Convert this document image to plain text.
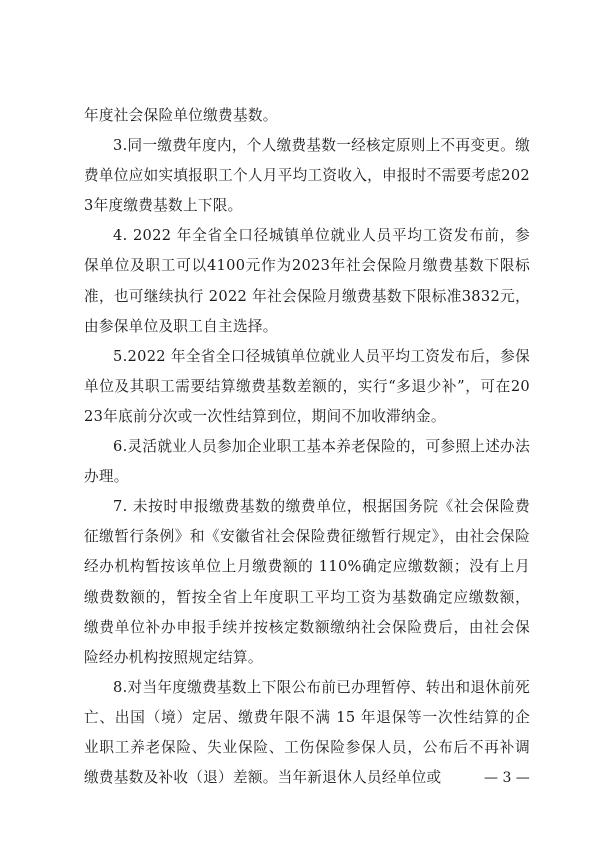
年度社会保险单位缴费基数。

3.同一缴费年度内，个人缴费基数一经核定原则上不再变更。缴费单位应如实填报职工个人月平均工资收入，申报时不需要考虑2023年度缴费基数上下限。

4. 2022 年全省全口径城镇单位就业人员平均工资发布前，参保单位及职工可以4100元作为2023年社会保险月缴费基数下限标准，也可继续执行 2022 年社会保险月缴费基数下限标准3832元，由参保单位及职工自主选择。

5.2022 年全省全口径城镇单位就业人员平均工资发布后，参保单位及其职工需要结算缴费基数差额的，实行“多退少补”，可在2023年底前分次或一次性结算到位，期间不加收滞纳金。

6.灵活就业人员参加企业职工基本养老保险的，可参照上述办法办理。

7. 未按时申报缴费基数的缴费单位，根据国务院《社会保险费征缴暂行条例》和《安徽省社会保险费征缴暂行规定》，由社会保险经办机构暂按该单位上月缴费额的 110%确定应缴数额；没有上月缴费数额的，暂按全省上年度职工平均工资为基数确定应缴数额，缴费单位补办申报手续并按核定数额缴纳社会保险费后，由社会保险经办机构按照规定结算。

8.对当年度缴费基数上下限公布前已办理暂停、转出和退休前死亡、出国（境）定居、缴费年限不满 15 年退保等一次性结算的企业职工养老保险、失业保险、工伤保险参保人员，公布后不再补调缴费基数及补收（退）差额。当年新退休人员经单位或	— 3 —
